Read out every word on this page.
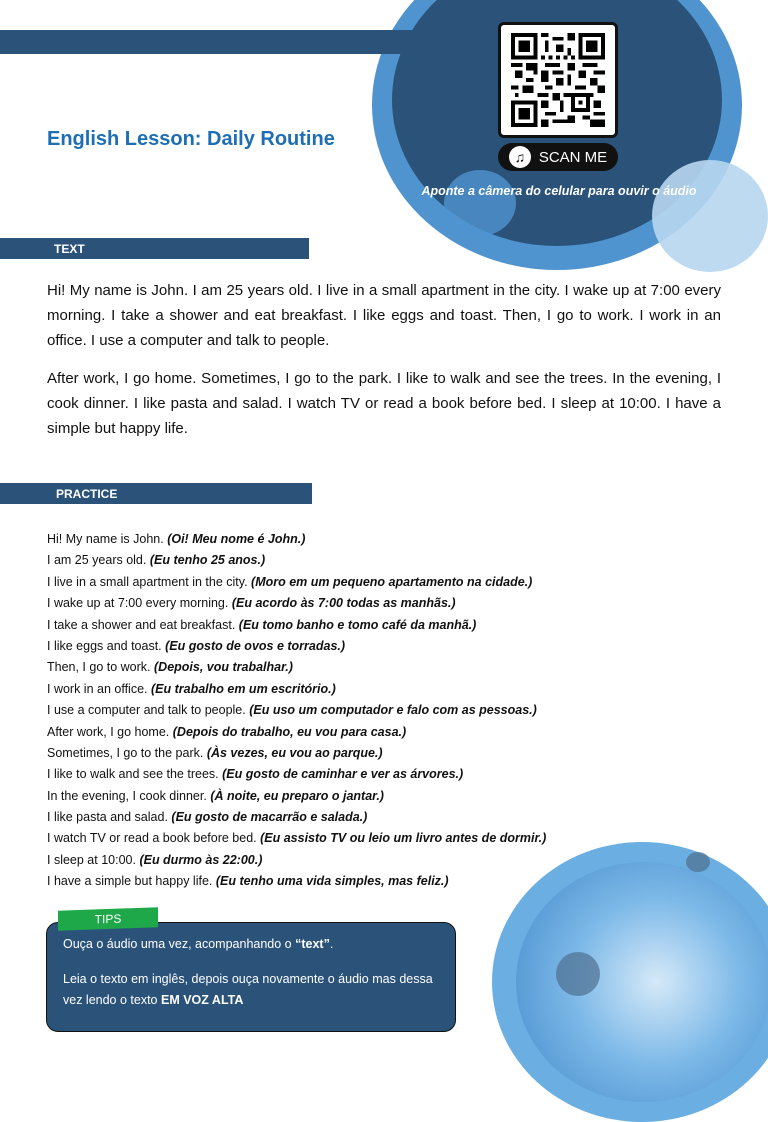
English Lesson: Daily Routine
♫ SCAN ME
Aponte a câmera do celular para ouvir o áudio
TEXT
Hi! My name is John. I am 25 years old. I live in a small apartment in the city. I wake up at 7:00 every morning. I take a shower and eat breakfast. I like eggs and toast. Then, I go to work. I work in an office. I use a computer and talk to people.
After work, I go home. Sometimes, I go to the park. I like to walk and see the trees. In the evening, I cook dinner. I like pasta and salad. I watch TV or read a book before bed. I sleep at 10:00. I have a simple but happy life.
PRACTICE
Hi! My name is John. (Oi! Meu nome é John.)
I am 25 years old. (Eu tenho 25 anos.)
I live in a small apartment in the city. (Moro em um pequeno apartamento na cidade.)
I wake up at 7:00 every morning. (Eu acordo às 7:00 todas as manhãs.)
I take a shower and eat breakfast. (Eu tomo banho e tomo café da manhã.)
I like eggs and toast. (Eu gosto de ovos e torradas.)
Then, I go to work. (Depois, vou trabalhar.)
I work in an office. (Eu trabalho em um escritório.)
I use a computer and talk to people. (Eu uso um computador e falo com as pessoas.)
After work, I go home. (Depois do trabalho, eu vou para casa.)
Sometimes, I go to the park. (Às vezes, eu vou ao parque.)
I like to walk and see the trees. (Eu gosto de caminhar e ver as árvores.)
In the evening, I cook dinner. (À noite, eu preparo o jantar.)
I like pasta and salad. (Eu gosto de macarrão e salada.)
I watch TV or read a book before bed. (Eu assisto TV ou leio um livro antes de dormir.)
I sleep at 10:00. (Eu durmo às 22:00.)
I have a simple but happy life. (Eu tenho uma vida simples, mas feliz.)
Ouça o áudio uma vez, acompanhando o “text”.
Leia o texto em inglês, depois ouça novamente o áudio mas dessa vez lendo o texto EM VOZ ALTA
TIPS
